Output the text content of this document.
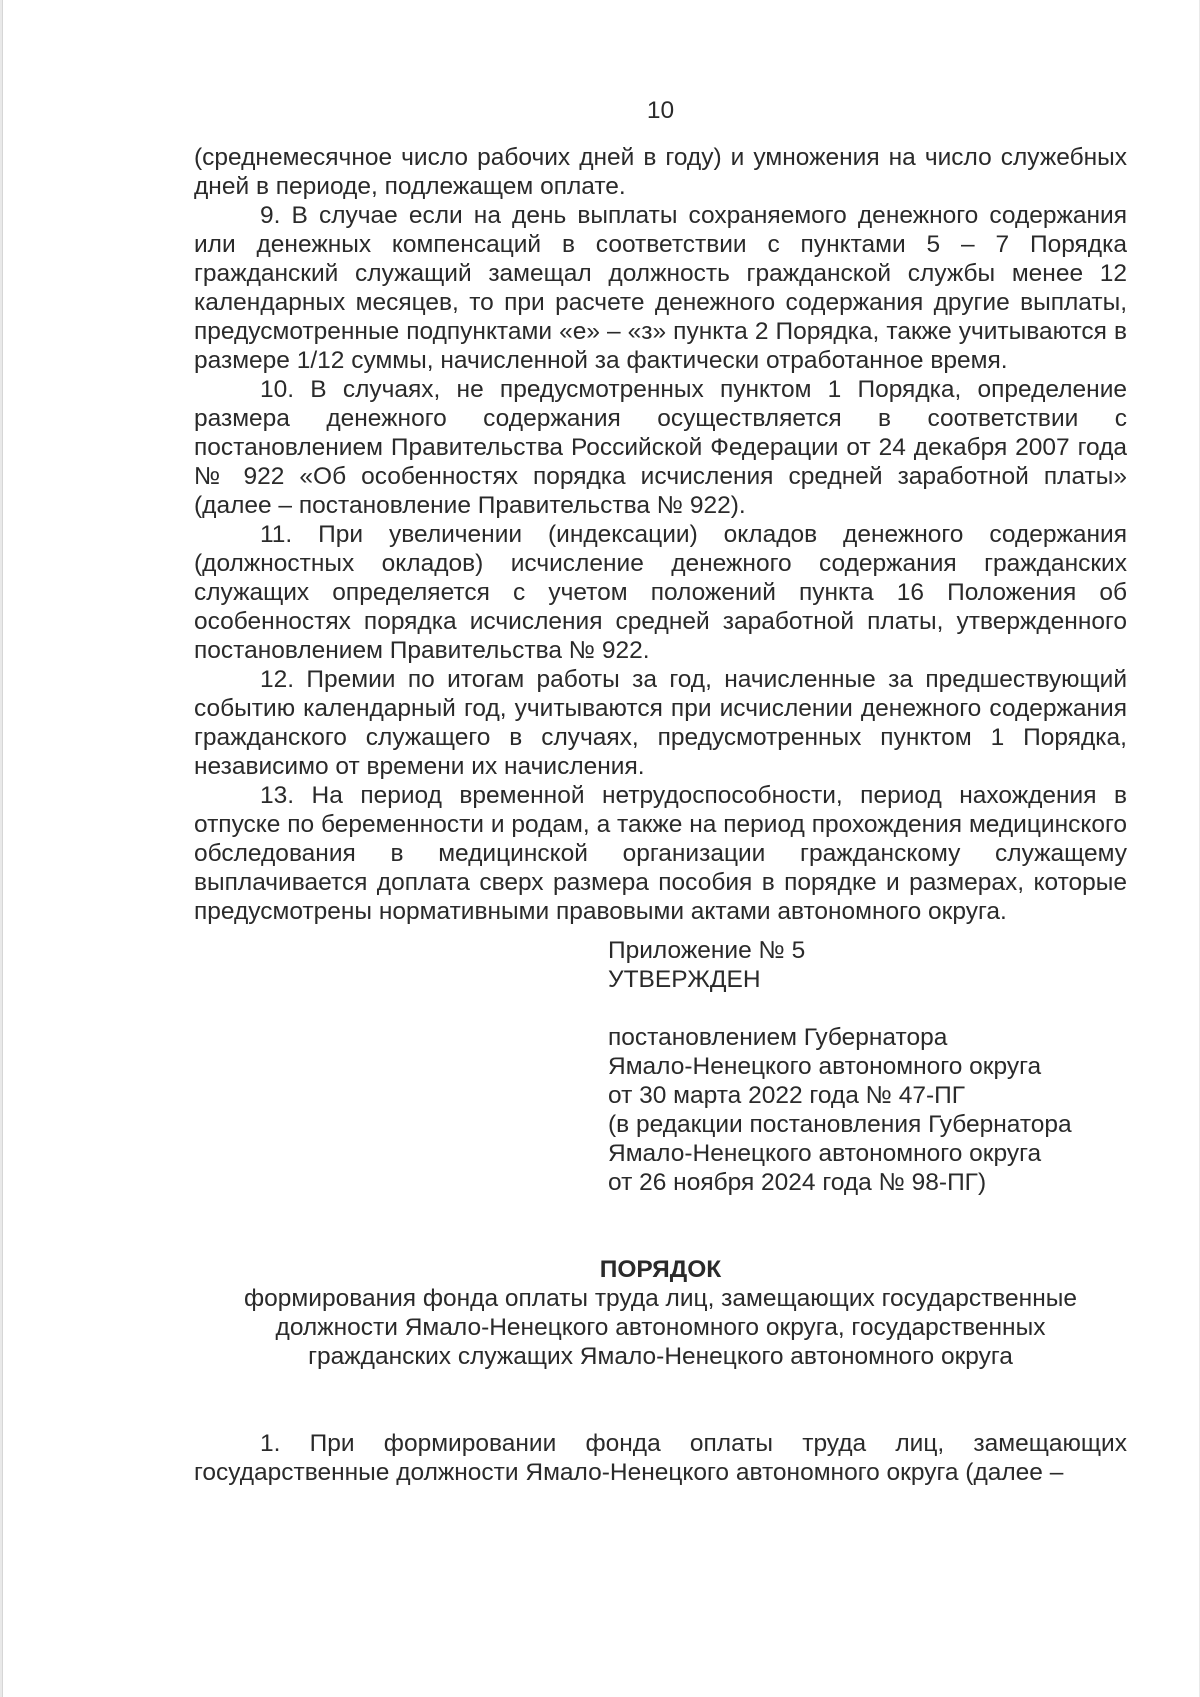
10

(среднемесячное число рабочих дней в году) и умножения на число служебных дней в периоде, подлежащем оплате.

9. В случае если на день выплаты сохраняемого денежного содержания или денежных компенсаций в соответствии с пунктами 5 – 7 Порядка гражданский служащий замещал должность гражданской службы менее 12 календарных месяцев, то при расчете денежного содержания другие выплаты, предусмотренные подпунктами «е» – «з» пункта 2 Порядка, также учитываются в размере 1/12 суммы, начисленной за фактически отработанное время.

10. В случаях, не предусмотренных пунктом 1 Порядка, определение размера денежного содержания осуществляется в соответствии с постановлением Правительства Российской Федерации от 24 декабря 2007 года № 922 «Об особенностях порядка исчисления средней заработной платы» (далее – постановление Правительства № 922).

11. При увеличении (индексации) окладов денежного содержания (должностных окладов) исчисление денежного содержания гражданских служащих определяется с учетом положений пункта 16 Положения об особенностях порядка исчисления средней заработной платы, утвержденного постановлением Правительства № 922.

12. Премии по итогам работы за год, начисленные за предшествующий событию календарный год, учитываются при исчислении денежного содержания гражданского служащего в случаях, предусмотренных пунктом 1 Порядка, независимо от времени их начисления.

13. На период временной нетрудоспособности, период нахождения в отпуске по беременности и родам, а также на период прохождения медицинского обследования в медицинской организации гражданскому служащему выплачивается доплата сверх размера пособия в порядке и размерах, которые предусмотрены нормативными правовыми актами автономного округа.

Приложение № 5
УТВЕРЖДЕН
постановлением Губернатора
Ямало-Ненецкого автономного округа
от 30 марта 2022 года № 47-ПГ
(в редакции постановления Губернатора
Ямало-Ненецкого автономного округа
от 26 ноября 2024 года № 98-ПГ)
ПОРЯДОК
формирования фонда оплаты труда лиц, замещающих государственные
должности Ямало-Ненецкого автономного округа, государственных
гражданских служащих Ямало-Ненецкого автономного округа

1. При формировании фонда оплаты труда лиц, замещающих государственные должности Ямало-Ненецкого автономного округа (далее –
